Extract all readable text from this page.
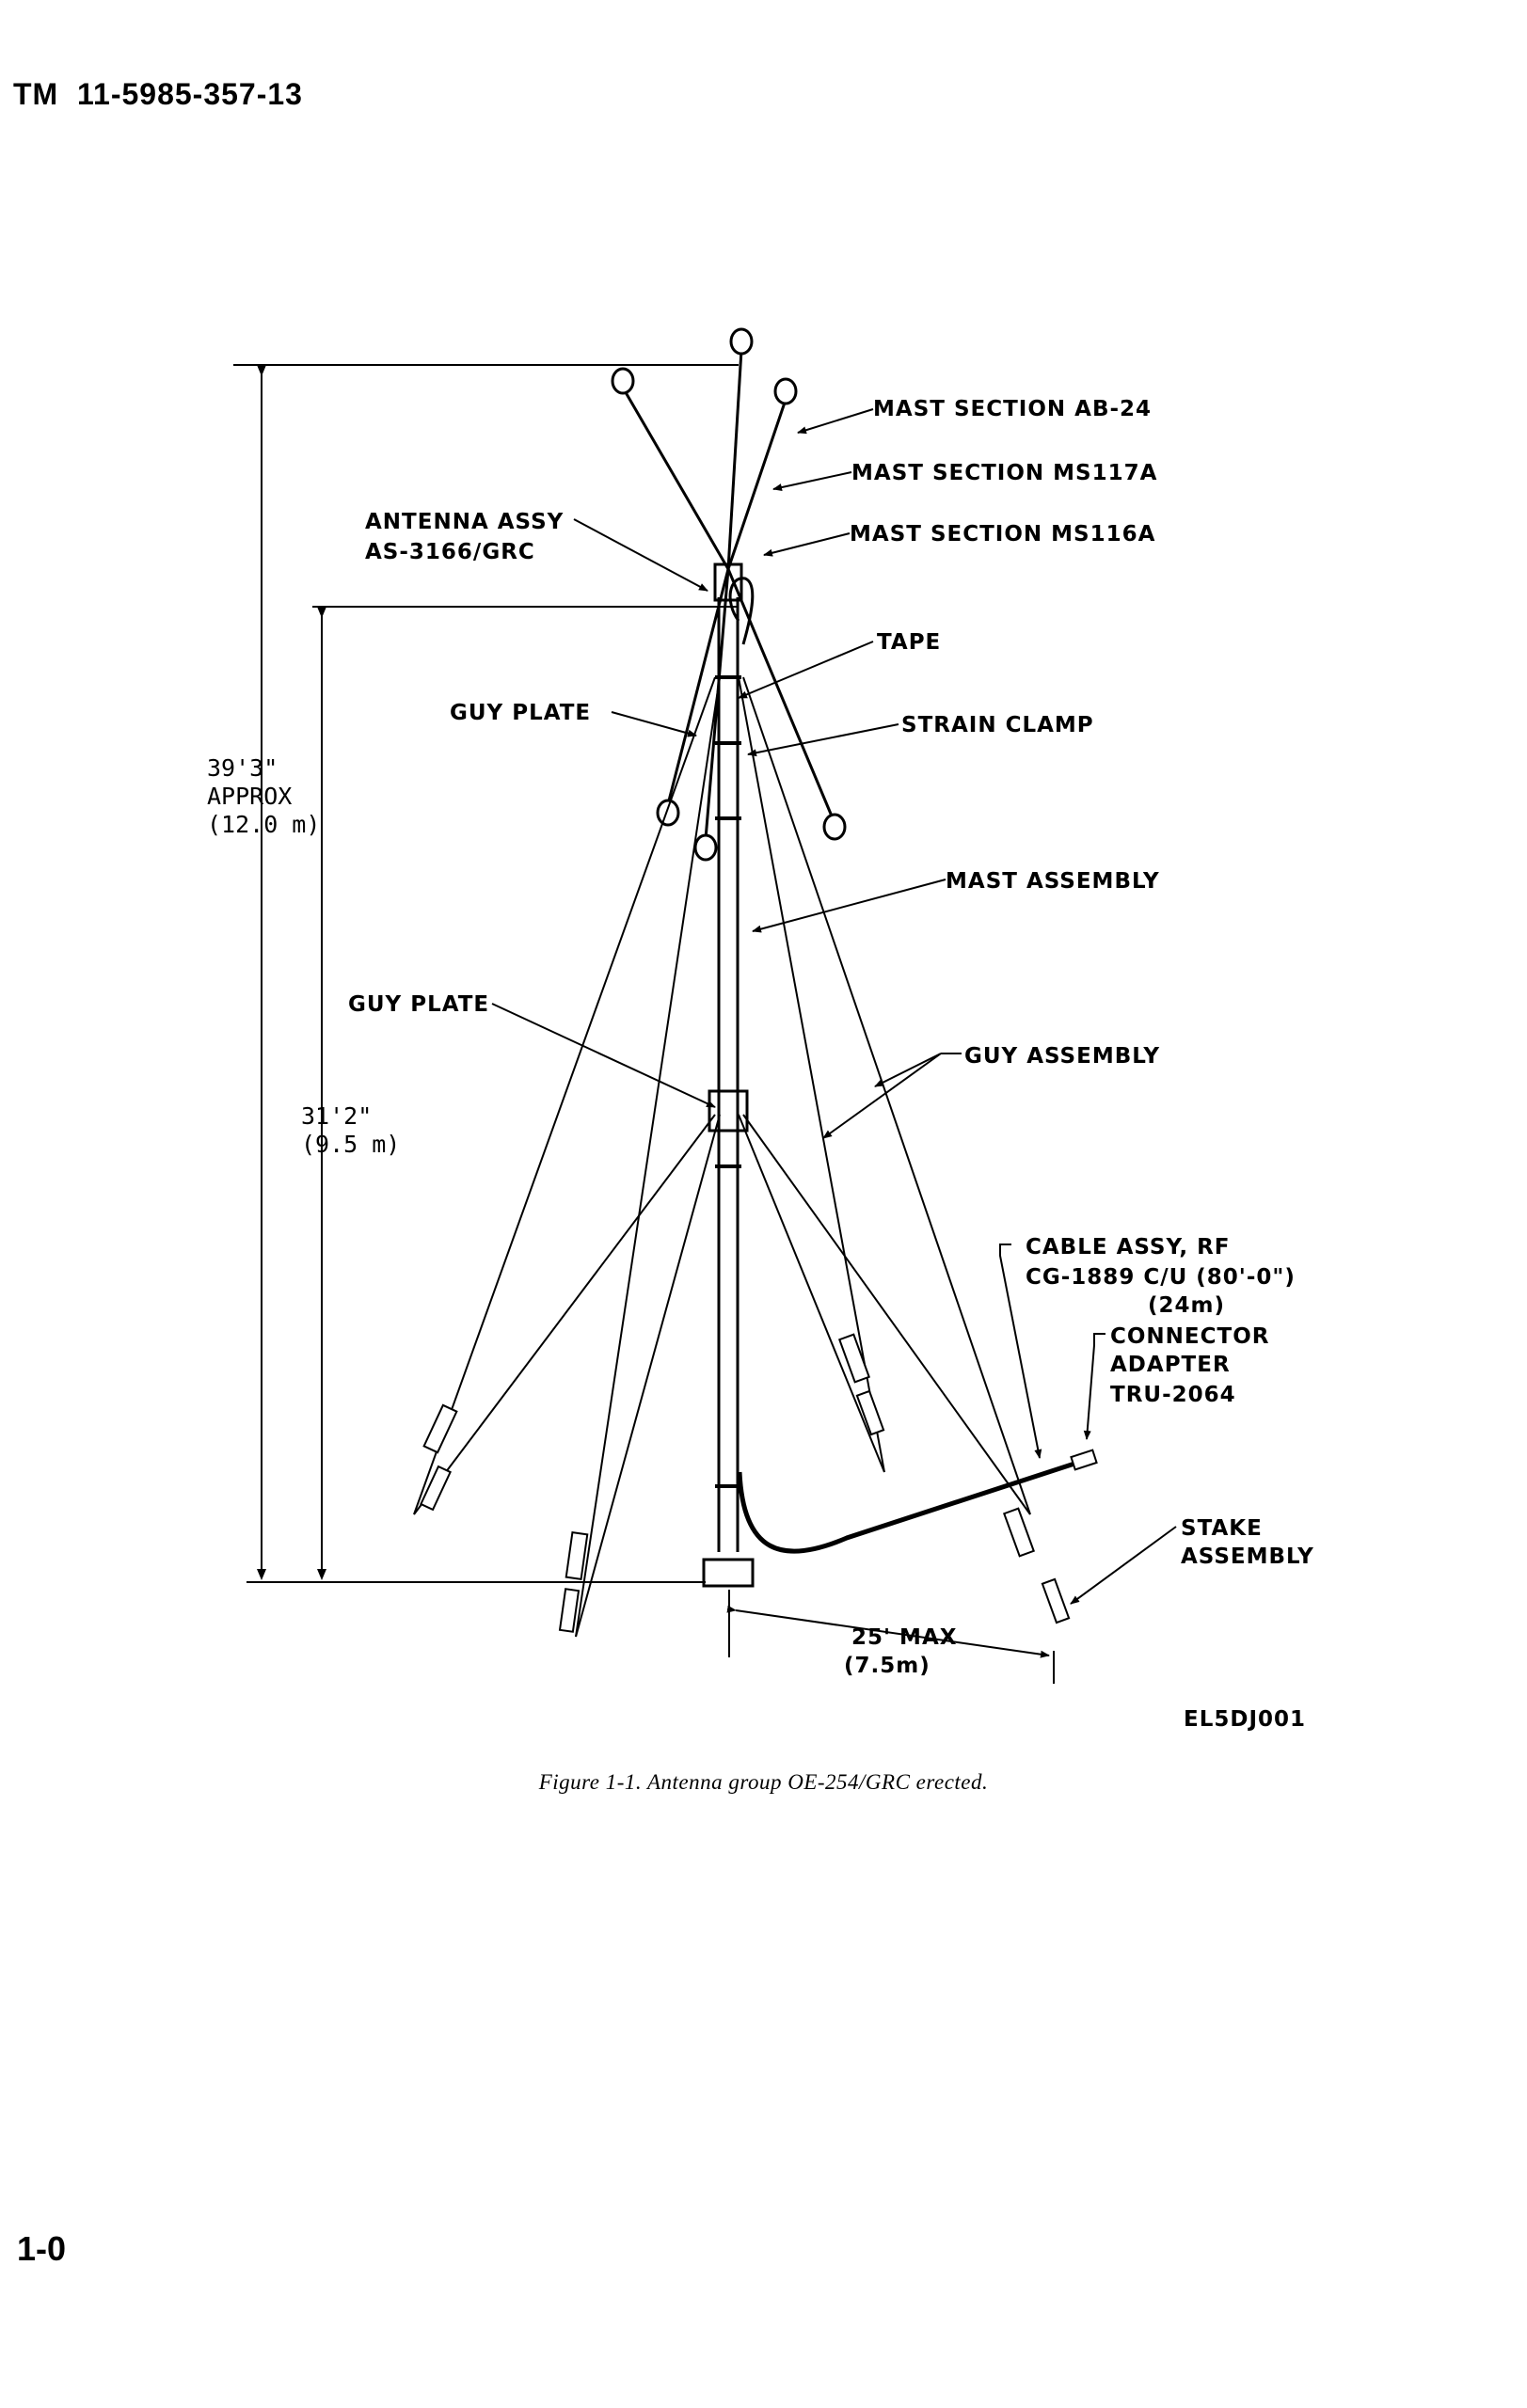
TM  11-5985-357-13
MAST SECTION AB-24
MAST SECTION MS117A
MAST SECTION MS116A
ANTENNA ASSY
AS-3166/GRC
TAPE
GUY PLATE	STRAIN CLAMP
MAST ASSEMBLY
GUY PLATE
GUY ASSEMBLY
CABLE ASSY, RF
CG-1889 C/U (80'-0")
(24m)
CONNECTOR
ADAPTER
TRU-2064
STAKE
ASSEMBLY
39'3"
APPROX
(12.0 m)
31'2"
(9.5 m)
25' MAX
(7.5m)
EL5DJ001
Figure 1-1. Antenna group OE-254/GRC erected.
1-0
